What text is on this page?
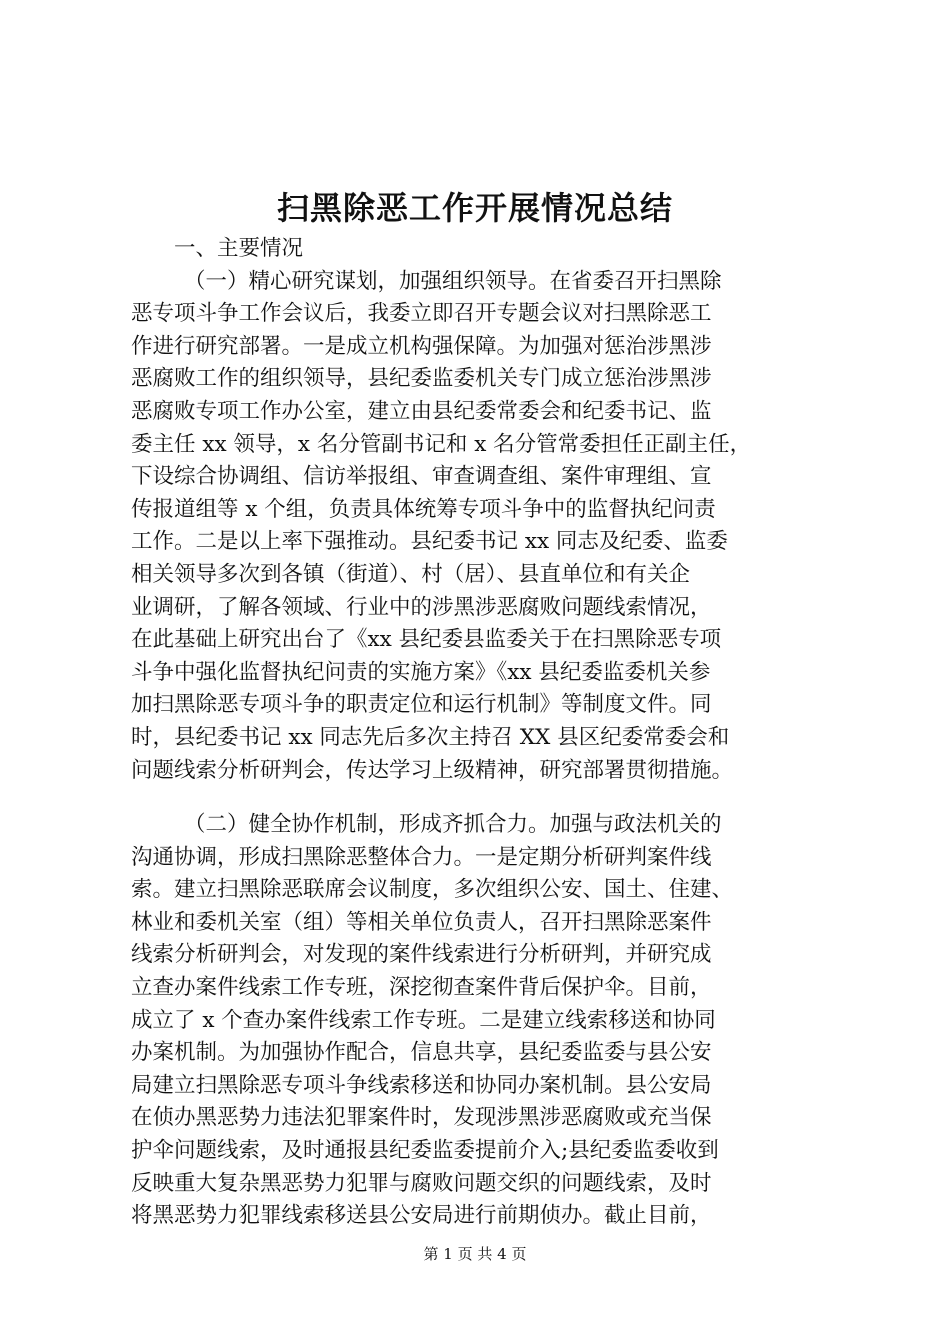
扫黑除恶工作开展情况总结
一、主要情况
（一）精心研究谋划，加强组织领导。在省委召开扫黑除
恶专项斗争工作会议后，我委立即召开专题会议对扫黑除恶工
作进行研究部署。一是成立机构强保障。为加强对惩治涉黑涉
恶腐败工作的组织领导，县纪委监委机关专门成立惩治涉黑涉
恶腐败专项工作办公室，建立由县纪委常委会和纪委书记、监
委主任 xx 领导，x 名分管副书记和 x 名分管常委担任正副主任，
下设综合协调组、信访举报组、审查调查组、案件审理组、宣
传报道组等 x 个组，负责具体统筹专项斗争中的监督执纪问责
工作。二是以上率下强推动。县纪委书记 xx 同志及纪委、监委
相关领导多次到各镇（街道）、村（居）、县直单位和有关企
业调研，了解各领域、行业中的涉黑涉恶腐败问题线索情况，
在此基础上研究出台了《xx 县纪委县监委关于在扫黑除恶专项
斗争中强化监督执纪问责的实施方案》《xx 县纪委监委机关参
加扫黑除恶专项斗争的职责定位和运行机制》等制度文件。同
时，县纪委书记 xx 同志先后多次主持召 XX 县区纪委常委会和
问题线索分析研判会，传达学习上级精神，研究部署贯彻措施。
（二）健全协作机制，形成齐抓合力。加强与政法机关的
沟通协调，形成扫黑除恶整体合力。一是定期分析研判案件线
索。建立扫黑除恶联席会议制度，多次组织公安、国土、住建、
林业和委机关室（组）等相关单位负责人，召开扫黑除恶案件
线索分析研判会，对发现的案件线索进行分析研判，并研究成
立查办案件线索工作专班，深挖彻查案件背后保护伞。目前，
成立了 x 个查办案件线索工作专班。二是建立线索移送和协同
办案机制。为加强协作配合，信息共享，县纪委监委与县公安
局建立扫黑除恶专项斗争线索移送和协同办案机制。县公安局
在侦办黑恶势力违法犯罪案件时，发现涉黑涉恶腐败或充当保
护伞问题线索，及时通报县纪委监委提前介入;县纪委监委收到
反映重大复杂黑恶势力犯罪与腐败问题交织的问题线索，及时
将黑恶势力犯罪线索移送县公安局进行前期侦办。截止目前，
第 1 页 共 4 页
